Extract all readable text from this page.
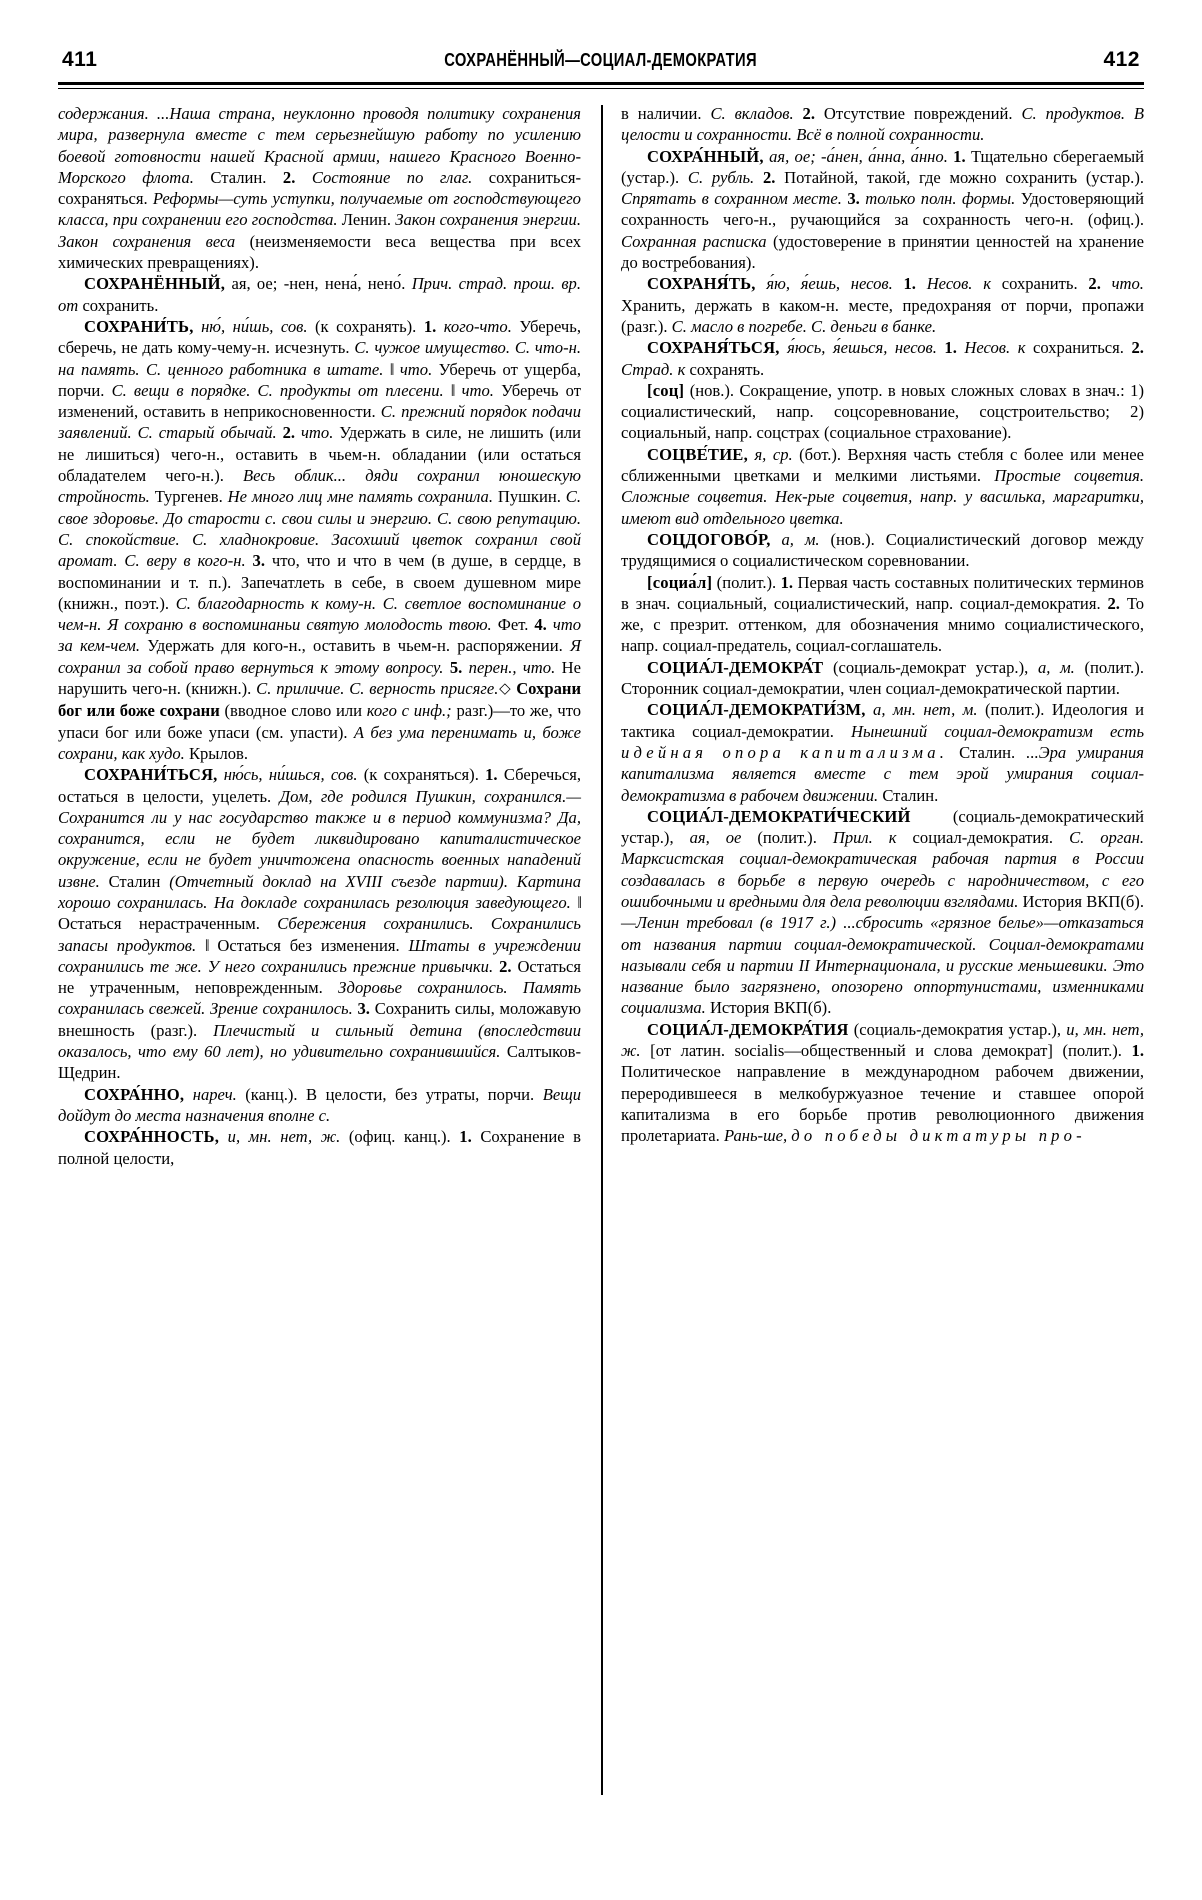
411	СОХРАНЁННЫЙ—СОЦИАЛ-ДЕМОКРАТИЯ	412

содержания. ...Наша страна, неуклонно проводя политику сохранения мира, развернула вместе с тем серьезнейшую работу по усилению боевой готовности нашей Красной армии, нашего Красного Военно-Морского флота. Сталин. 2. Состояние по глаг. сохраниться-сохраняться. Реформы—суть уступки, получаемые от господствующего класса, при сохранении его господства. Ленин. Закон сохранения энергии. Закон сохранения веса (неизменяемости веса вещества при всех химических превращениях).

СОХРАНЁННЫЙ, ая, ое; -нен, нена́, нено́. Прич. страд. прош. вр. от сохранить.

СОХРАНИ́ТЬ, ню́, ни́шь, сов. (к сохранять). 1. кого-что. Уберечь, сберечь, не дать кому-чему-н. исчезнуть. С. чужое имущество. С. что-н. на память. С. ценного работника в штате. ‖ что. Уберечь от ущерба, порчи. С. вещи в порядке. С. продукты от плесени. ‖ что. Уберечь от изменений, оставить в неприкосновенности. С. прежний порядок подачи заявлений. С. старый обычай. 2. что. Удержать в силе, не лишить (или не лишиться) чего-н., оставить в чьем-н. обладании (или остаться обладателем чего-н.). Весь облик... дяди сохранил юношескую стройность. Тургенев. Не много лиц мне память сохранила. Пушкин. С. свое здоровье. До старости с. свои силы и энергию. С. свою репутацию. С. спокойствие. С. хладнокровие. Засохший цветок сохранил свой аромат. С. веру в кого-н. 3. что, что и что в чем (в душе, в сердце, в воспоминании и т. п.). Запечатлеть в себе, в своем душевном мире (книжн., поэт.). С. благодарность к кому-н. С. светлое воспоминание о чем-н. Я сохраню в воспоминаньи святую молодость твою. Фет. 4. что за кем-чем. Удержать для кого-н., оставить в чьем-н. распоряжении. Я сохранил за собой право вернуться к этому вопросу. 5. перен., что. Не нарушить чего-н. (книжн.). С. приличие. С. верность присяге.◇ Сохрани бог или боже сохрани (вводное слово или кого с инф.; разг.)—то же, что упаси бог или боже упаси (см. упасти). А без ума перенимать и, боже сохрани, как худо. Крылов.

СОХРАНИ́ТЬСЯ, ню́сь, ни́шься, сов. (к сохраняться). 1. Сберечься, остаться в целости, уцелеть. Дом, где родился Пушкин, сохранился.—Сохранится ли у нас государство также и в период коммунизма? Да, сохранится, если не будет ликвидировано капиталистическое окружение, если не будет уничтожена опасность военных нападений извне. Сталин (Отчетный доклад на XVIII съезде партии). Картина хорошо сохранилась. На докладе сохранилась резолюция заведующего. ‖ Остаться нерастраченным. Сбережения сохранились. Сохранились запасы продуктов. ‖ Остаться без изменения. Штаты в учреждении сохранились те же. У него сохранились прежние привычки. 2. Остаться не утраченным, неповрежденным. Здоровье сохранилось. Память сохранилась свежей. Зрение сохранилось. 3. Сохранить силы, моложавую внешность (разг.). Плечистый и сильный детина (впоследствии оказалось, что ему 60 лет), но удивительно сохранившийся. Салтыков-Щедрин.

СОХРА́ННО, нареч. (канц.). В целости, без утраты, порчи. Вещи дойдут до места назначения вполне с.

СОХРА́ННОСТЬ, и, мн. нет, ж. (офиц. канц.). 1. Сохранение в полной целости,

в наличии. С. вкладов. 2. Отсутствие повреждений. С. продуктов. В целости и сохранности. Всё в полной сохранности.

СОХРА́ННЫЙ, ая, ое; -а́нен, а́нна, а́нно. 1. Тщательно сберегаемый (устар.). С. рубль. 2. Потайной, такой, где можно сохранить (устар.). Спрятать в сохранном месте. 3. только полн. формы. Удостоверяющий сохранность чего-н., ручающийся за сохранность чего-н. (офиц.). Сохранная расписка (удостоверение в принятии ценностей на хранение до востребования).

СОХРАНЯ́ТЬ, я́ю, я́ешь, несов. 1. Несов. к сохранить. 2. что. Хранить, держать в каком-н. месте, предохраняя от порчи, пропажи (разг.). С. масло в погребе. С. деньги в банке.

СОХРАНЯ́ТЬСЯ, я́юсь, я́ешься, несов. 1. Несов. к сохраниться. 2. Страд. к сохранять.

[соц] (нов.). Сокращение, употр. в новых сложных словах в знач.: 1) социалистический, напр. соцсоревнование, соцстроительство; 2) социальный, напр. соцстрах (социальное страхование).

СОЦВЕ́ТИЕ, я, ср. (бот.). Верхняя часть стебля с более или менее сближенными цветками и мелкими листьями. Простые соцветия. Сложные соцветия. Нек-рые соцветия, напр. у василька, маргаритки, имеют вид отдельного цветка.

СОЦДОГОВО́Р, а, м. (нов.). Социалистический договор между трудящимися о социалистическом соревновании.

[социа́л] (полит.). 1. Первая часть составных политических терминов в знач. социальный, социалистический, напр. социал-демократия. 2. То же, с презрит. оттенком, для обозначения мнимо социалистического, напр. социал-предатель, социал-соглашатель.

СОЦИА́Л-ДЕМОКРА́Т (социаль-демократ устар.), а, м. (полит.). Сторонник социал-демократии, член социал-демократической партии.

СОЦИА́Л-ДЕМОКРАТИ́ЗМ, а, мн. нет, м. (полит.). Идеология и тактика социал-демократии. Нынешний социал-демократизм есть идейная опора капитализма. Сталин. ...Эра умирания капитализма является вместе с тем эрой умирания социал-демократизма в рабочем движении. Сталин.

СОЦИА́Л-ДЕМОКРАТИ́ЧЕСКИЙ	(социаль-демократический устар.), ая, ое (полит.). Прил. к социал-демократия. С. орган. Марксистская социал-демократическая рабочая партия в России создавалась в борьбе в первую очередь с народничеством, с его ошибочными и вредными для дела революции взглядами. История ВКП(б). —Ленин требовал (в 1917 г.) ...сбросить «грязное белье»—отказаться от названия партии социал-демократической. Социал-демократами называли себя и партии II Интернационала, и русские меньшевики. Это название было загрязнено, опозорено оппортунистами, изменниками социализма. История ВКП(б).

СОЦИА́Л-ДЕМОКРА́ТИЯ (социаль-демократия устар.), и, мн. нет, ж. [от латин. socialis—общественный и слова демократ] (полит.). 1. Политическое направление в международном рабочем движении, переродившееся в мелкобуржуазное течение и ставшее опорой капитализма в его борьбе против революционного движения пролетариата. Рань-ше, до победы диктатуры про-
